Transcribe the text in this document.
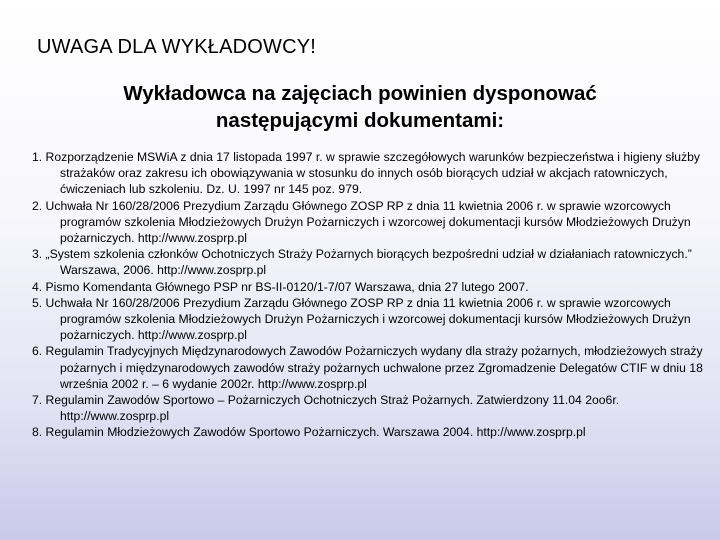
UWAGA DLA WYKŁADOWCY!
Wykładowca na zajęciach powinien dysponować następującymi dokumentami:
1. Rozporządzenie MSWiA z dnia 17 listopada 1997 r. w sprawie szczegółowych warunków bezpieczeństwa i higieny służby strażaków oraz zakresu ich obowiązywania w stosunku do innych osób biorących udział w akcjach ratowniczych, ćwiczeniach lub szkoleniu. Dz. U. 1997 nr 145 poz. 979.
2. Uchwała Nr 160/28/2006 Prezydium Zarządu Głównego ZOSP RP z dnia 11 kwietnia 2006 r. w sprawie wzorcowych programów szkolenia Młodzieżowych Drużyn Pożarniczych i wzorcowej dokumentacji kursów Młodzieżowych Drużyn pożarniczych. http://www.zosprp.pl
3. „System szkolenia członków Ochotniczych Straży Pożarnych biorących bezpośredni udział w działaniach ratowniczych.” Warszawa, 2006. http://www.zosprp.pl
4. Pismo Komendanta Głównego PSP nr BS-II-0120/1-7/07 Warszawa, dnia 27 lutego 2007.
5. Uchwała Nr 160/28/2006 Prezydium Zarządu Głównego ZOSP RP z dnia 11 kwietnia 2006 r. w sprawie wzorcowych programów szkolenia Młodzieżowych Drużyn Pożarniczych i wzorcowej dokumentacji kursów Młodzieżowych Drużyn pożarniczych. http://www.zosprp.pl
6. Regulamin Tradycyjnych Międzynarodowych Zawodów Pożarniczych wydany dla straży pożarnych, młodzieżowych straży pożarnych i międzynarodowych zawodów straży pożarnych uchwalone przez Zgromadzenie Delegatów CTIF w dniu 18 września 2002 r. – 6 wydanie 2002r. http://www.zosprp.pl
7. Regulamin Zawodów Sportowo – Pożarniczych Ochotniczych Straż Pożarnych. Zatwierdzony 11.04 2oo6r. http://www.zosprp.pl
8. Regulamin Młodzieżowych Zawodów Sportowo Pożarniczych. Warszawa 2004. http://www.zosprp.pl
